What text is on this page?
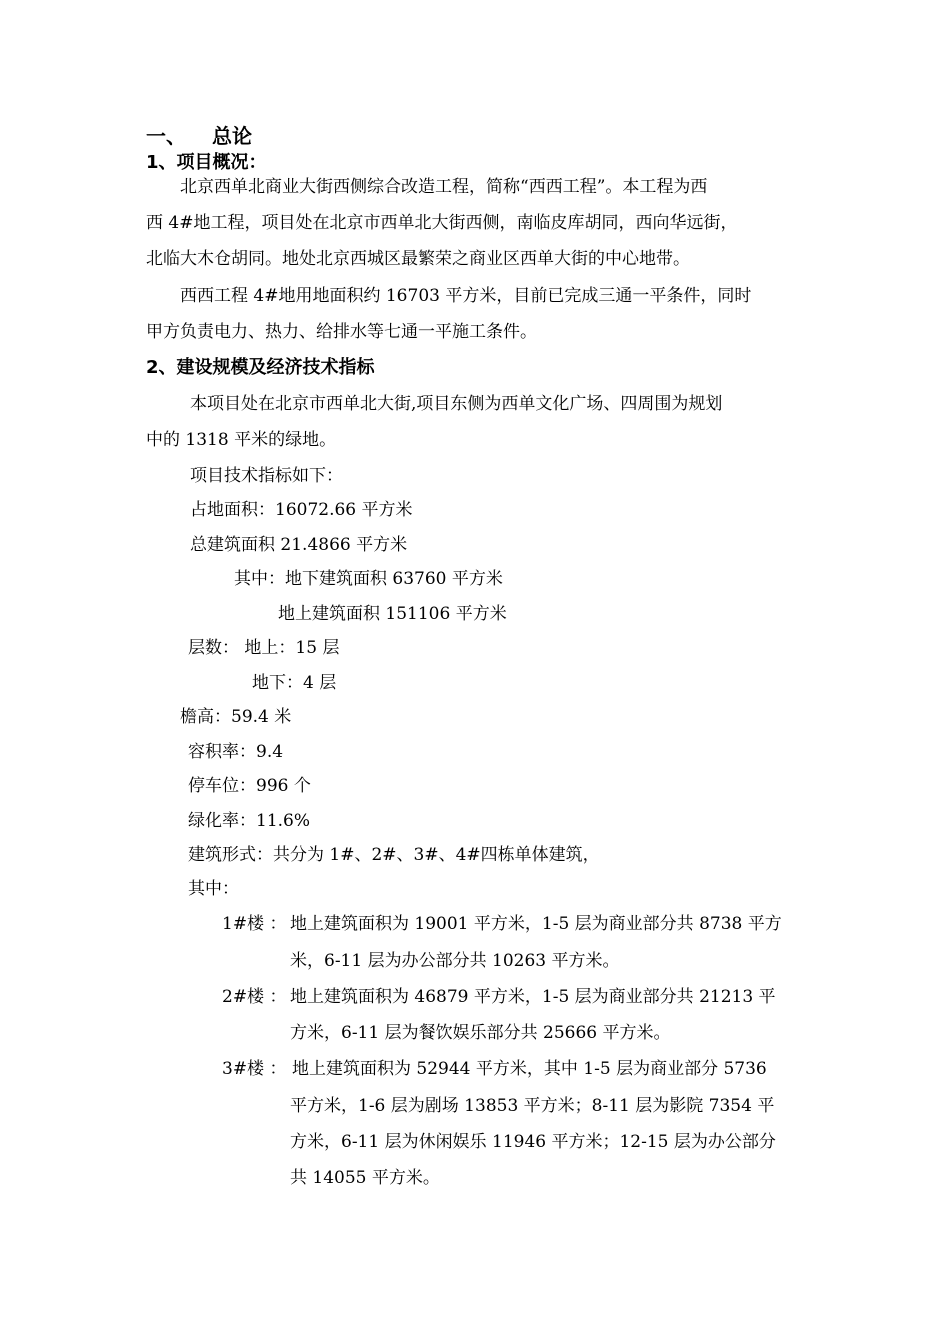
一、 总论
1、项目概况：
北京西单北商业大街西侧综合改造工程，简称“西西工程”。本工程为西
西 4#地工程，项目处在北京市西单北大街西侧，南临皮库胡同，西向华远街，
北临大木仓胡同。地处北京西城区最繁荣之商业区西单大街的中心地带。
西西工程 4#地用地面积约 16703 平方米，目前已完成三通一平条件，同时
甲方负责电力、热力、给排水等七通一平施工条件。
2、建设规模及经济技术指标
本项目处在北京市西单北大街,项目东侧为西单文化广场、四周围为规划
中的 1318 平米的绿地。
项目技术指标如下：
占地面积：16072.66 平方米
总建筑面积 21.4866 平方米
其中：地下建筑面积 63760 平方米
地上建筑面积 151106 平方米
层数： 地上：15 层
地下：4 层
檐高：59.4 米
容积率：9.4
停车位：996 个
绿化率：11.6%
建筑形式：共分为 1#、2#、3#、4#四栋单体建筑，
其中：
1#楼 ： 地上建筑面积为 19001 平方米，1-5 层为商业部分共 8738 平方
米，6-11 层为办公部分共 10263 平方米。
2#楼 ： 地上建筑面积为 46879 平方米，1-5 层为商业部分共 21213 平
方米，6-11 层为餐饮娱乐部分共 25666 平方米。
3#楼 ： 地上建筑面积为 52944 平方米，其中 1-5 层为商业部分 5736
平方米，1-6 层为剧场 13853 平方米；8-11 层为影院 7354 平
方米，6-11 层为休闲娱乐 11946 平方米；12-15 层为办公部分
共 14055 平方米。
